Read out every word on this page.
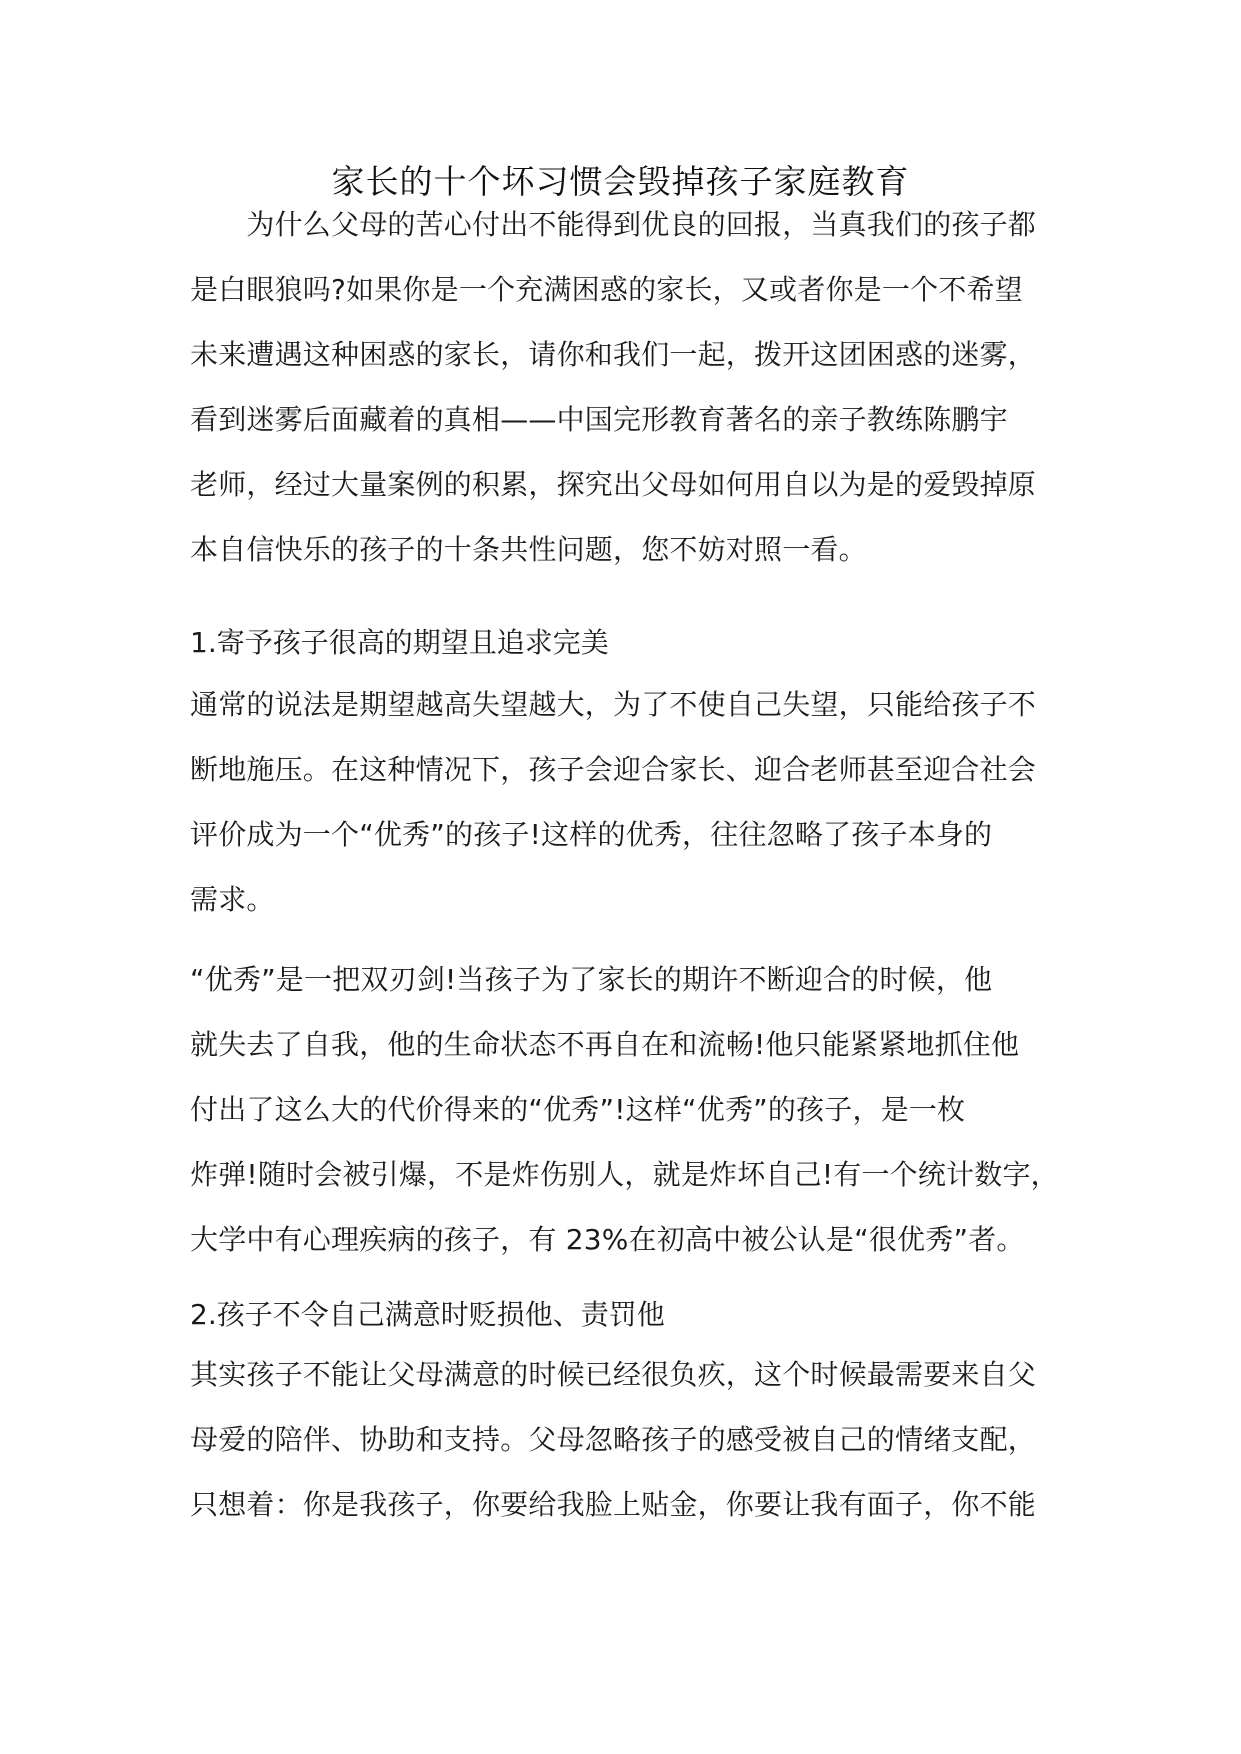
家长的十个坏习惯会毁掉孩子家庭教育
　　为什么父母的苦心付出不能得到优良的回报，当真我们的孩子都
是白眼狼吗?如果你是一个充满困惑的家长，又或者你是一个不希望
未来遭遇这种困惑的家长，请你和我们一起，拨开这团困惑的迷雾，
看到迷雾后面藏着的真相——中国完形教育著名的亲子教练陈鹏宇
老师，经过大量案例的积累，探究出父母如何用自以为是的爱毁掉原
本自信快乐的孩子的十条共性问题，您不妨对照一看。
1.寄予孩子很高的期望且追求完美
通常的说法是期望越高失望越大，为了不使自己失望，只能给孩子不
断地施压。在这种情况下，孩子会迎合家长、迎合老师甚至迎合社会
评价成为一个“优秀”的孩子!这样的优秀，往往忽略了孩子本身的
需求。
“优秀”是一把双刃剑!当孩子为了家长的期许不断迎合的时候，他
就失去了自我，他的生命状态不再自在和流畅!他只能紧紧地抓住他
付出了这么大的代价得来的“优秀”!这样“优秀”的孩子，是一枚
炸弹!随时会被引爆，不是炸伤别人，就是炸坏自己!有一个统计数字，
大学中有心理疾病的孩子，有 23%在初高中被公认是“很优秀”者。
2.孩子不令自己满意时贬损他、责罚他
其实孩子不能让父母满意的时候已经很负疚，这个时候最需要来自父
母爱的陪伴、协助和支持。父母忽略孩子的感受被自己的情绪支配，
只想着：你是我孩子，你要给我脸上贴金，你要让我有面子，你不能
